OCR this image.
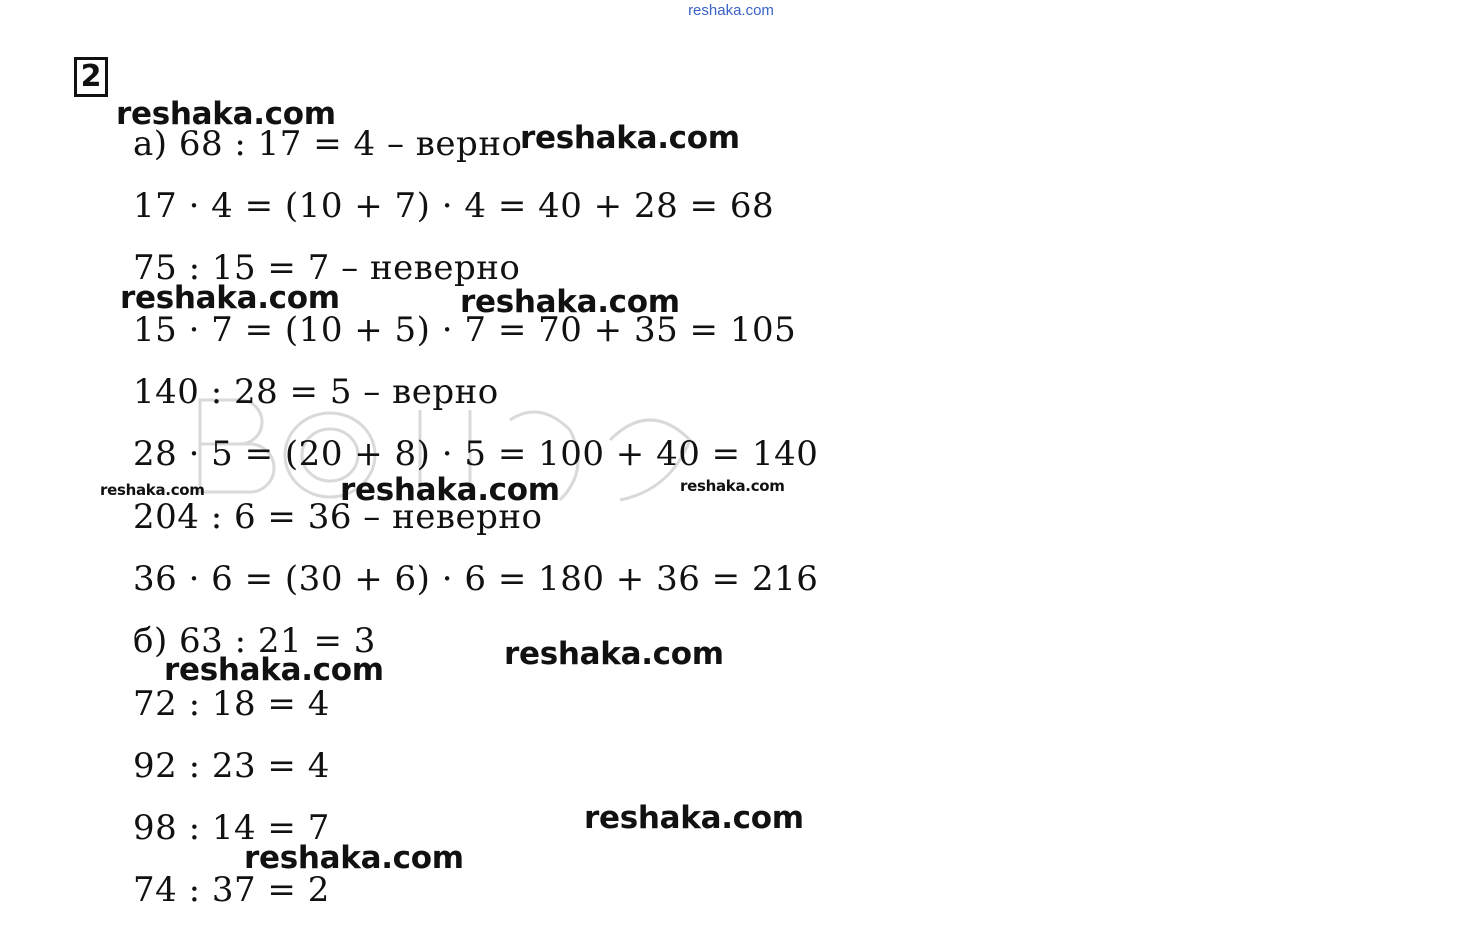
reshaka.com
2
а) 68 : 17 = 4 – верно
17 · 4 = (10 + 7) · 4 = 40 + 28 = 68
75 : 15 = 7 – неверно
15 · 7 = (10 + 5) · 7 = 70 + 35 = 105
140 : 28 = 5 – верно
28 · 5 = (20 + 8) · 5 = 100 + 40 = 140
204 : 6 = 36 – неверно
36 · 6 = (30 + 6) · 6 = 180 + 36 = 216
б) 63 : 21 = 3
72 : 18 = 4
92 : 23 = 4
98 : 14 = 7
74 : 37 = 2
reshaka.com
reshaka.com
reshaka.com	reshaka.com
reshaka.com	reshaka.com	reshaka.com
reshaka.com
reshaka.com
reshaka.com
reshaka.com
